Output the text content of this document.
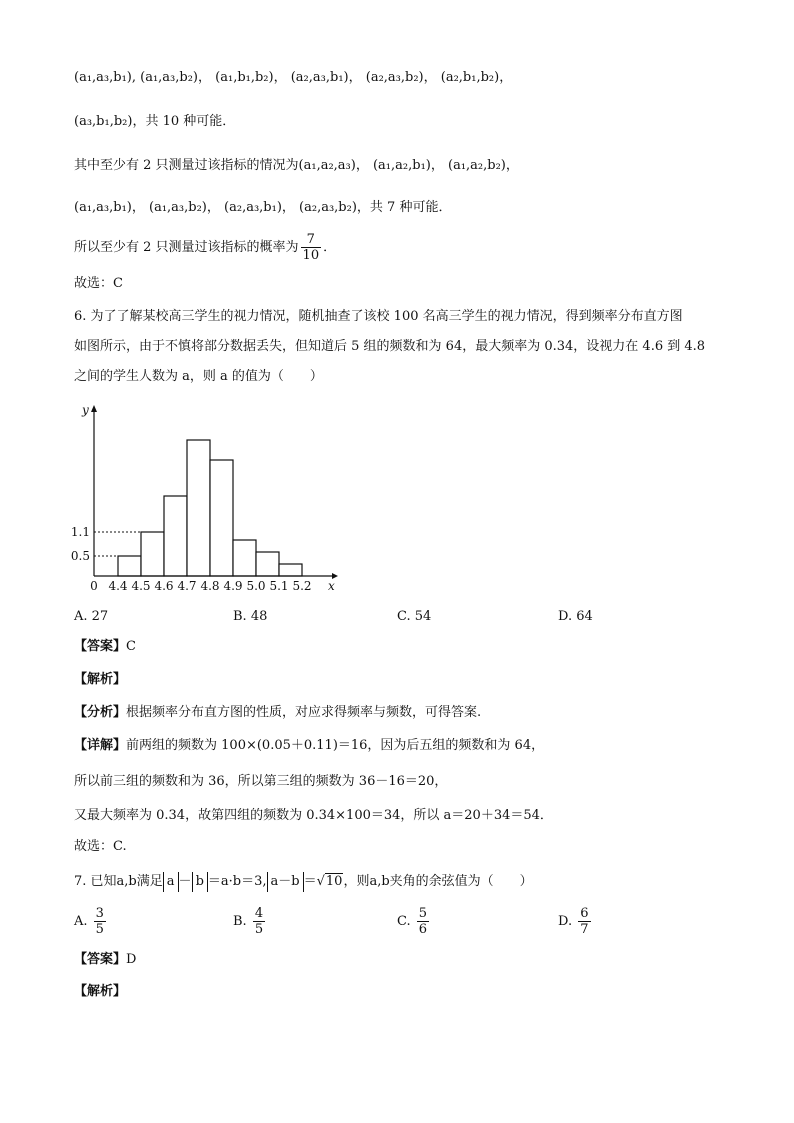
(a₁,a₃,b₁), (a₁,a₃,b₂)， (a₁,b₁,b₂)， (a₂,a₃,b₁)， (a₂,a₃,b₂)， (a₂,b₁,b₂)，
(a₃,b₁,b₂)，共 10 种可能．
其中至少有 2 只测量过该指标的情况为(a₁,a₂,a₃)， (a₁,a₂,b₁)， (a₁,a₂,b₂)，
(a₁,a₃,b₁)， (a₁,a₃,b₂)， (a₂,a₃,b₁)， (a₂,a₃,b₂)，共 7 种可能．
所以至少有 2 只测量过该指标的概率为 $\frac{7}{10}$ ．
故选：C
6. 为了了解某校高三学生的视力情况，随机抽查了该校 100 名高三学生的视力情况，得到频率分布直方图
如图所示，由于不慎将部分数据丢失，但知道后 5 组的频数和为 64，最大频率为 0.34，设视力在 4.6 到 4.8
之间的学生人数为 a，则 a 的值为（　　）
0.5
1.1
0 4.4 4.5 4.6 4.7 4.8 4.9 5.0 5.1 5.2 x
y
A. 27	B. 48	C. 54	D. 64
【答案】C
【解析】
【分析】根据频率分布直方图的性质，对应求得频率与频数，可得答案.
【详解】前两组的频数为 100×(0.05＋0.11)＝16，因为后五组的频数和为 64，
所以前三组的频数和为 36，所以第三组的频数为 36－16＝20，
又最大频率为 0.34，故第四组的频数为 0.34×100＝34，所以 a＝20＋34＝54．
故选：C.
7. 已知a,b满足 a － b ＝a·b＝3, a－b ＝√10，则a,b夹角的余弦值为（　　）
A. $\frac{3}{5}$	B. $\frac{4}{5}$	C. $\frac{5}{6}$	D. $\frac{6}{7}$
【答案】D
【解析】
